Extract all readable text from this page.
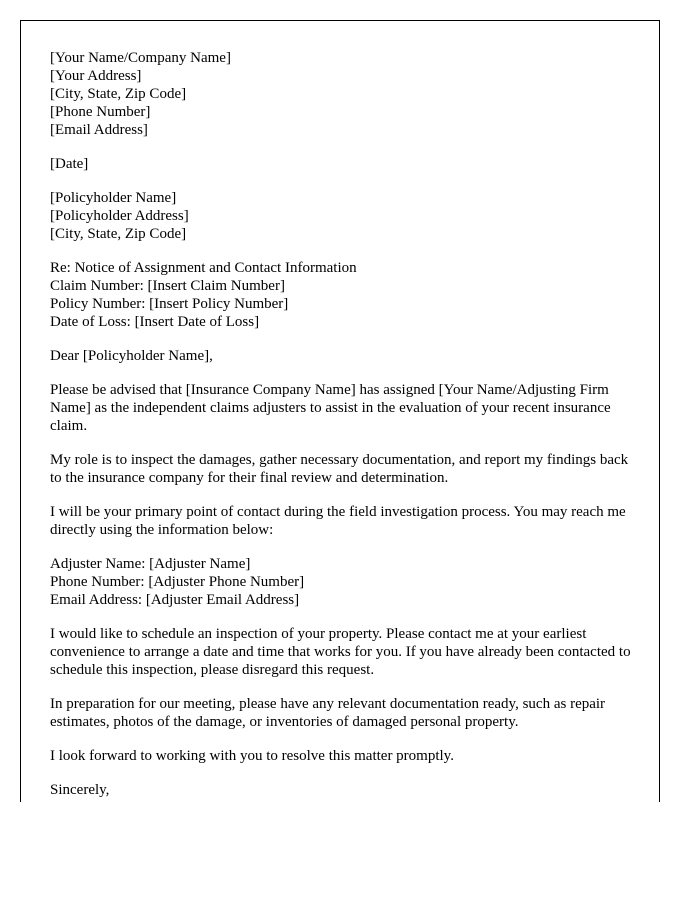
[Your Name/Company Name]
[Your Address]
[City, State, Zip Code]
[Phone Number]
[Email Address]
[Date]
[Policyholder Name]
[Policyholder Address]
[City, State, Zip Code]
Re: Notice of Assignment and Contact Information
Claim Number: [Insert Claim Number]
Policy Number: [Insert Policy Number]
Date of Loss: [Insert Date of Loss]
Dear [Policyholder Name],

Please be advised that [Insurance Company Name] has assigned [Your Name/Adjusting Firm Name] as the independent claims adjusters to assist in the evaluation of your recent insurance claim.

My role is to inspect the damages, gather necessary documentation, and report my findings back to the insurance company for their final review and determination.

I will be your primary point of contact during the field investigation process. You may reach me directly using the information below:

Adjuster Name: [Adjuster Name]
Phone Number: [Adjuster Phone Number]
Email Address: [Adjuster Email Address]

I would like to schedule an inspection of your property. Please contact me at your earliest convenience to arrange a date and time that works for you. If you have already been contacted to schedule this inspection, please disregard this request.

In preparation for our meeting, please have any relevant documentation ready, such as repair estimates, photos of the damage, or inventories of damaged personal property.

I look forward to working with you to resolve this matter promptly.

Sincerely,
